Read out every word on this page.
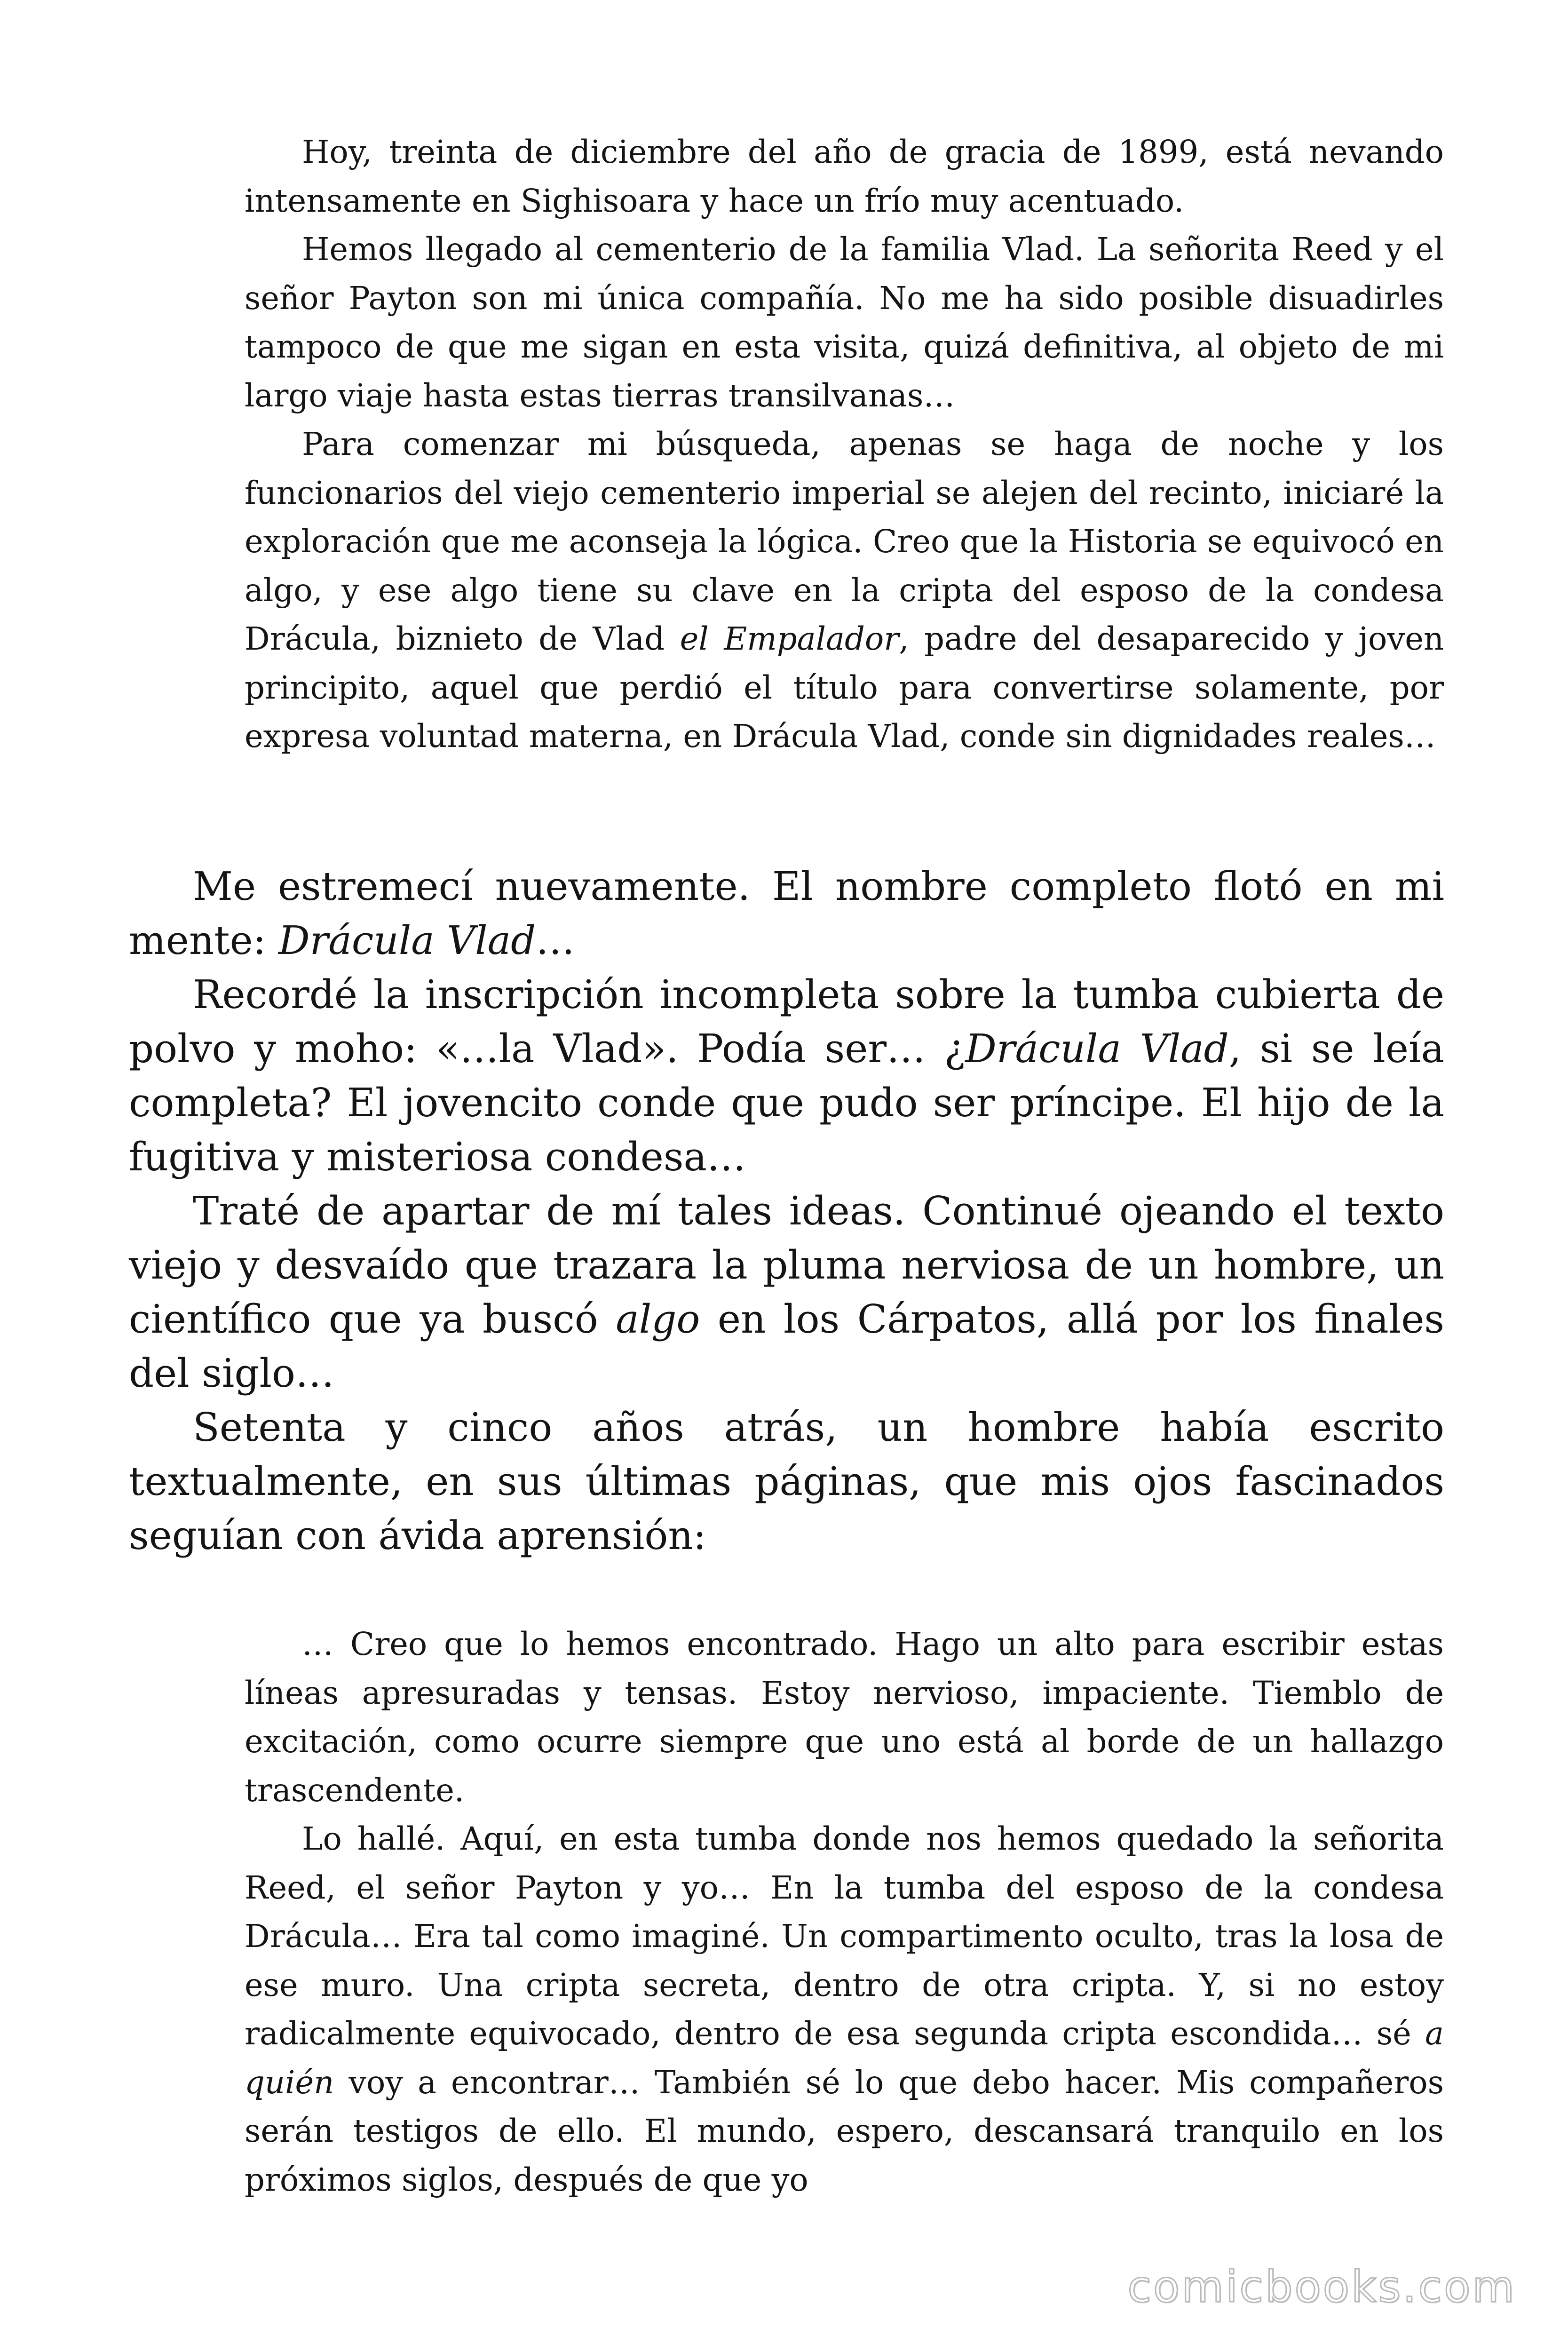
Hoy, treinta de diciembre del año de gracia de 1899, está nevando intensamente en Sighisoara y hace un frío muy acentuado.

Hemos llegado al cementerio de la familia Vlad. La señorita Reed y el señor Payton son mi única compañía. No me ha sido posible disuadirles tampoco de que me sigan en esta visita, quizá definitiva, al objeto de mi largo viaje hasta estas tierras transilvanas…

Para comenzar mi búsqueda, apenas se haga de noche y los funcionarios del viejo cementerio imperial se alejen del recinto, iniciaré la exploración que me aconseja la lógica. Creo que la Historia se equivocó en algo, y ese algo tiene su clave en la cripta del esposo de la condesa Drácula, biznieto de Vlad el Empalador, padre del desaparecido y joven principito, aquel que perdió el título para convertirse solamente, por expresa voluntad materna, en Drácula Vlad, conde sin dignidades reales…

Me estremecí nuevamente. El nombre completo flotó en mi mente: Drácula Vlad…

Recordé la inscripción incompleta sobre la tumba cubierta de polvo y moho: «…la Vlad». Podía ser… ¿Drácula Vlad, si se leía completa? El jovencito conde que pudo ser príncipe. El hijo de la fugitiva y misteriosa condesa…

Traté de apartar de mí tales ideas. Continué ojeando el texto viejo y desvaído que trazara la pluma nerviosa de un hombre, un científico que ya buscó algo en los Cárpatos, allá por los finales del siglo…

Setenta y cinco años atrás, un hombre había escrito textualmente, en sus últimas páginas, que mis ojos fascinados seguían con ávida aprensión:

… Creo que lo hemos encontrado. Hago un alto para escribir estas líneas apresuradas y tensas. Estoy nervioso, impaciente. Tiemblo de excitación, como ocurre siempre que uno está al borde de un hallazgo trascendente.

Lo hallé. Aquí, en esta tumba donde nos hemos quedado la señorita Reed, el señor Payton y yo… En la tumba del esposo de la condesa Drácula… Era tal como imaginé. Un compartimento oculto, tras la losa de ese muro. Una cripta secreta, dentro de otra cripta. Y, si no estoy radicalmente equivocado, dentro de esa segunda cripta escondida… sé a quién voy a encontrar… También sé lo que debo hacer. Mis compañeros serán testigos de ello. El mundo, espero, descansará tranquilo en los próximos siglos, después de que yo

comicbooks.com
